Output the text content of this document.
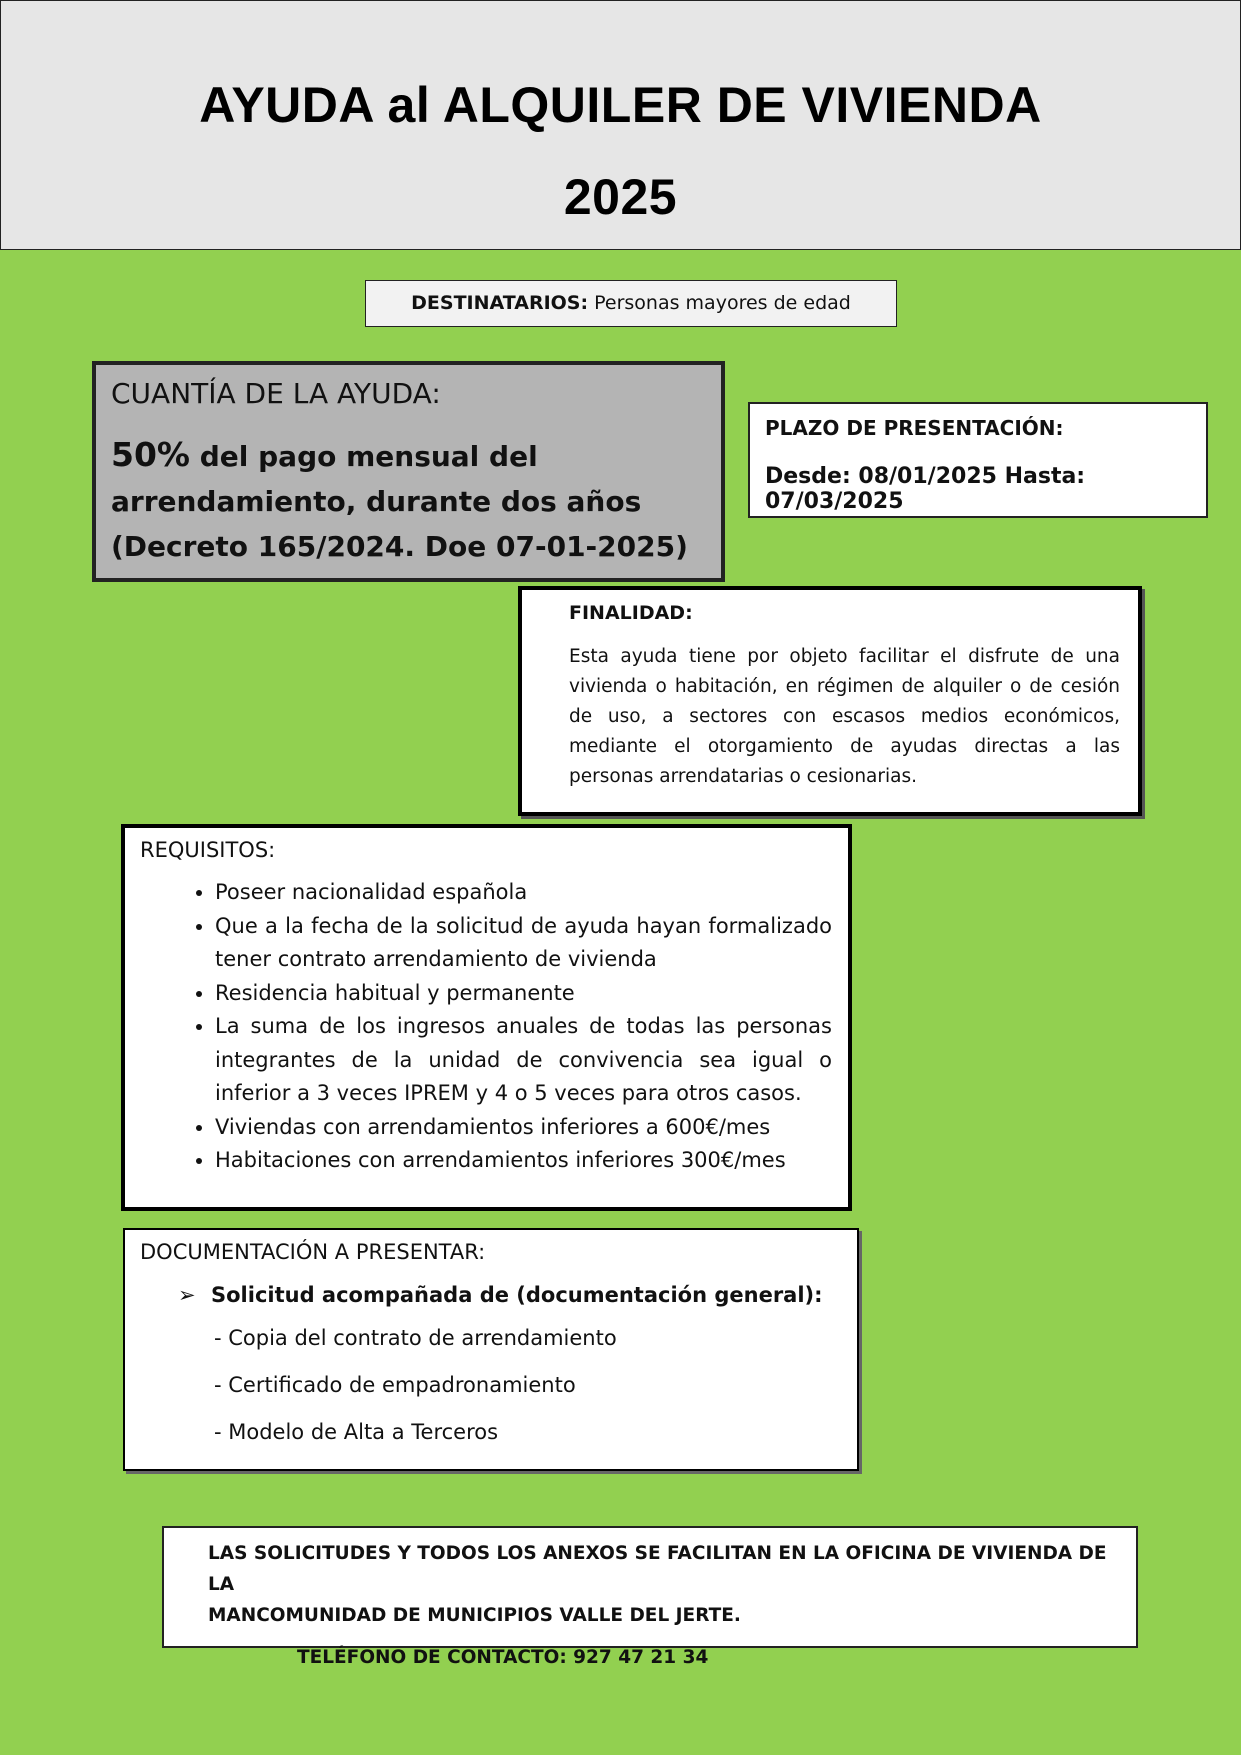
AYUDA al ALQUILER DE VIVIENDA
2025
DESTINATARIOS: Personas mayores de edad
CUANTÍA DE LA AYUDA:
50% del pago mensual del
arrendamiento, durante dos años
(Decreto 165/2024. Doe 07-01-2025)
PLAZO DE PRESENTACIÓN:
Desde: 08/01/2025 Hasta: 07/03/2025
FINALIDAD:
Esta ayuda tiene por objeto facilitar el disfrute de una vivienda o habitación, en régimen de alquiler o de cesión de uso, a sectores con escasos medios económicos, mediante el otorgamiento de ayudas directas a las personas arrendatarias o cesionarias.
REQUISITOS:
• Poseer nacionalidad española
• Que a la fecha de la solicitud de ayuda hayan formalizado tener contrato arrendamiento de vivienda
• Residencia habitual y permanente
• La suma de los ingresos anuales de todas las personas integrantes de la unidad de convivencia sea igual o inferior a 3 veces IPREM y 4 o 5 veces para otros casos.
• Viviendas con arrendamientos inferiores a 600€/mes
• Habitaciones con arrendamientos inferiores 300€/mes
DOCUMENTACIÓN A PRESENTAR:
➢ Solicitud acompañada de (documentación general):
- Copia del contrato de arrendamiento
- Certificado de empadronamiento
- Modelo de Alta a Terceros
LAS SOLICITUDES Y TODOS LOS ANEXOS SE FACILITAN EN LA OFICINA DE VIVIENDA DE LA
MANCOMUNIDAD DE MUNICIPIOS VALLE DEL JERTE.
TELÉFONO DE CONTACTO: 927 47 21 34
